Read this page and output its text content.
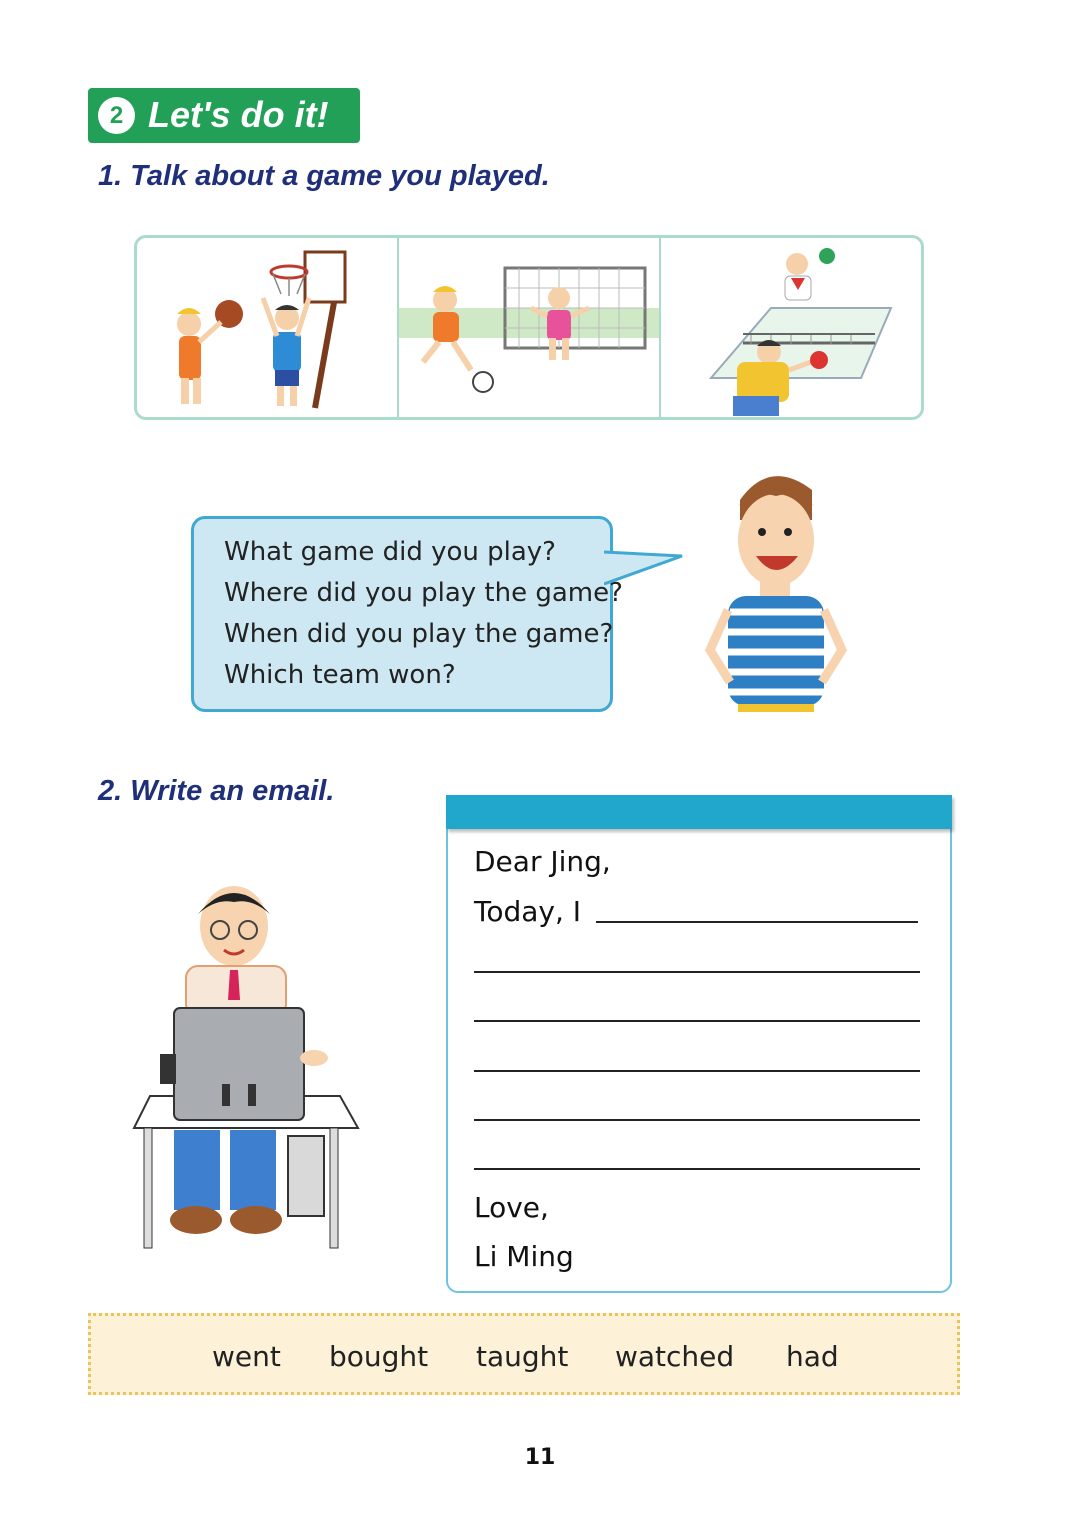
2 Let's do it!
1. Talk about a game you played.
What game did you play?
Where did you play the game?
When did you play the game?
Which team won?
2. Write an email.
Dear Jing,
Today, I
Love,
Li Ming
went bought taught watched had
11
